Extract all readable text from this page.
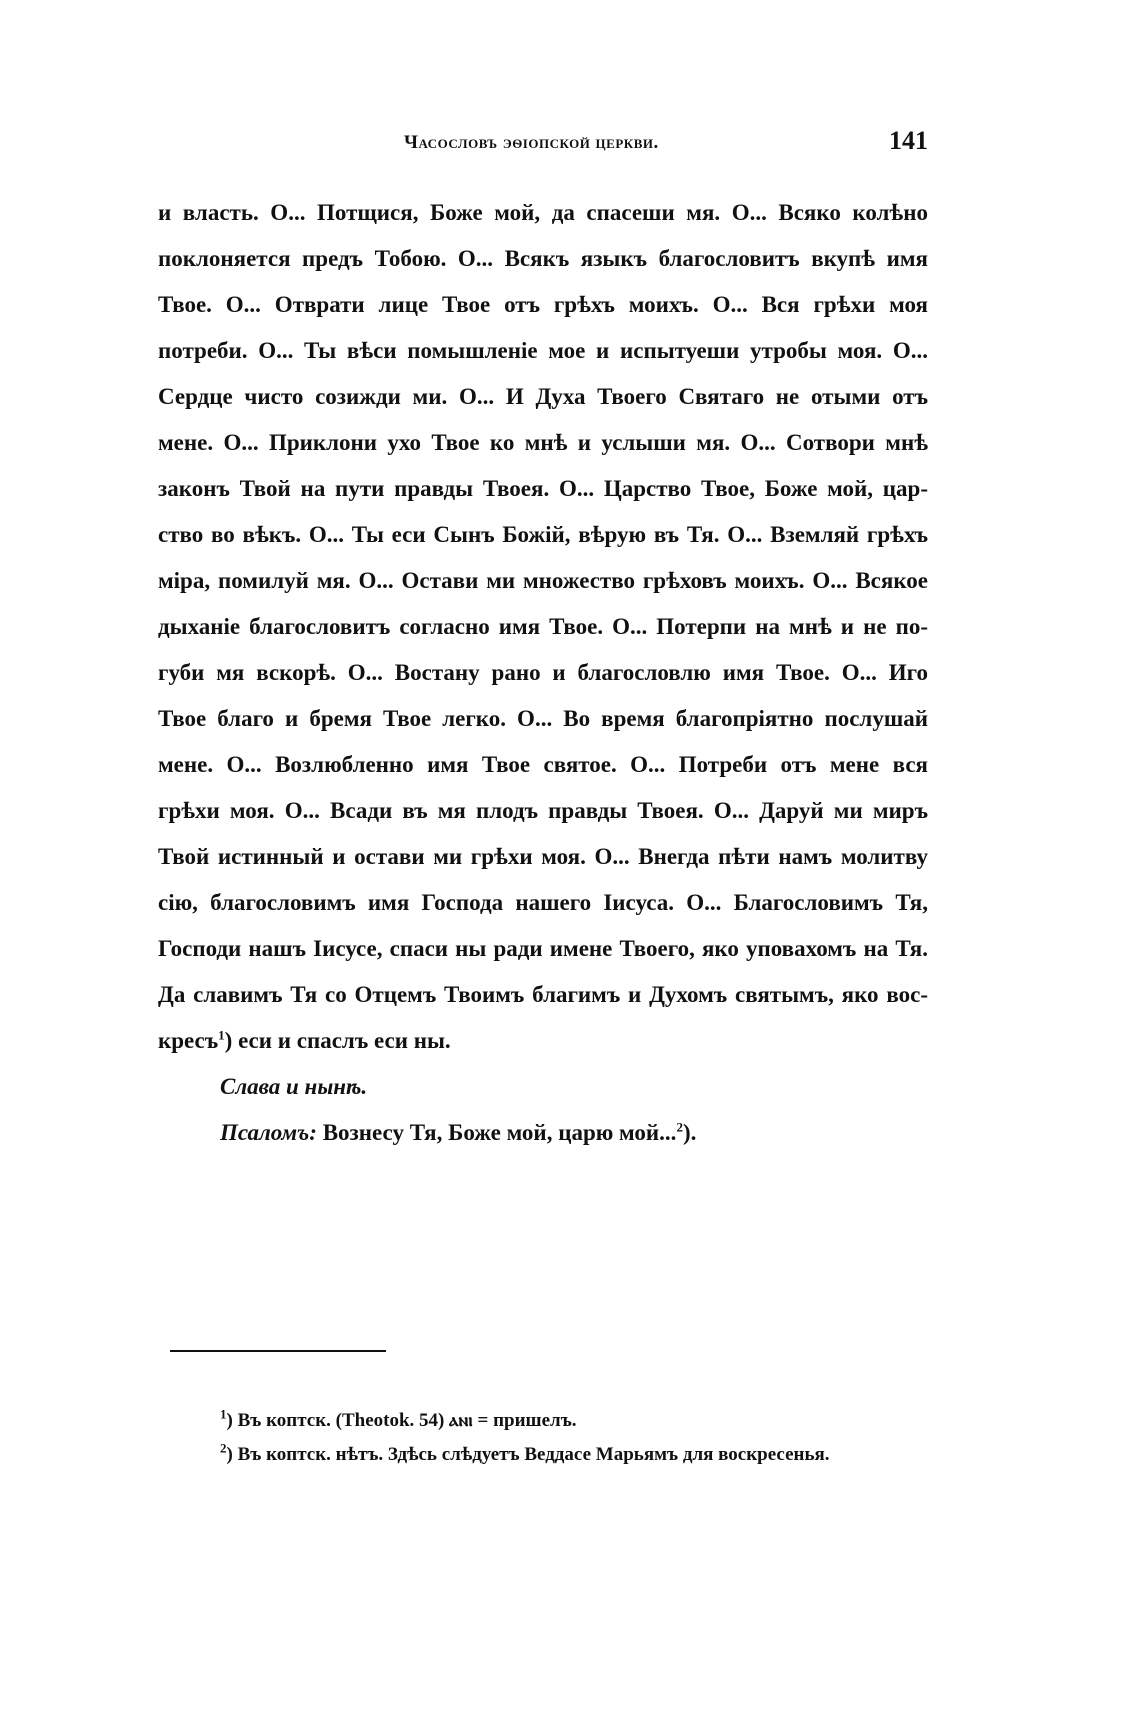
Часословъ эѳіопской церкви.	141
и власть. О... Потщися, Боже мой, да спасеши мя. О... Всяко колѣно
поклоняется предъ Тобою. О... Всякъ языкъ благословитъ вкупѣ имя
Твое. О... Отврати лице Твое отъ грѣхъ моихъ. О... Вся грѣхи моя
потреби. О... Ты вѣси помышленіе мое и испытуеши утробы моя. О...
Сердце чисто созижди ми. О... И Духа Твоего Святаго не отыми отъ
мене. О... Приклони ухо Твое ко мнѣ и услыши мя. О... Сотвори мнѣ
законъ Твой на пути правды Твоея. О... Царство Твое, Боже мой, цар-
ство во вѣкъ. О... Ты еси Сынъ Божій, вѣрую въ Тя. О... Вземляй грѣхъ
міра, помилуй мя. О... Остави ми множество грѣховъ моихъ. О... Всякое
дыханіе благословитъ согласно имя Твое. О... Потерпи на мнѣ и не по-
губи мя вскорѣ. О... Востану рано и благословлю имя Твое. О... Иго
Твое благо и бремя Твое легко. О... Во время благопріятно послушай
мене. О... Возлюбленно имя Твое святое. О... Потреби отъ мене вся
грѣхи моя. О... Всади въ мя плодъ правды Твоея. О... Даруй ми миръ
Твой истинный и остави ми грѣхи моя. О... Внегда пѣти намъ молитву
сію, благословимъ имя Господа нашего Іисуса. О... Благословимъ Тя,
Господи нашъ Іисусе, спаси ны ради имене Твоего, яко уповахомъ на Тя.
Да славимъ Тя со Отцемъ Твоимъ благимъ и Духомъ святымъ, яко вос-
кресъ$^1$) еси и спаслъ еси ны.
Слава и нынѣ.
Псаломъ: Вознесу Тя, Боже мой, царю мой...$^2$).
$^1$) Въ коптск. (Theotok. 54) ⲁⲛⲓ = пришелъ.
$^2$) Въ коптск. нѣтъ. Здѣсь слѣдуетъ Веддасе Марьямъ для воскресенья.
